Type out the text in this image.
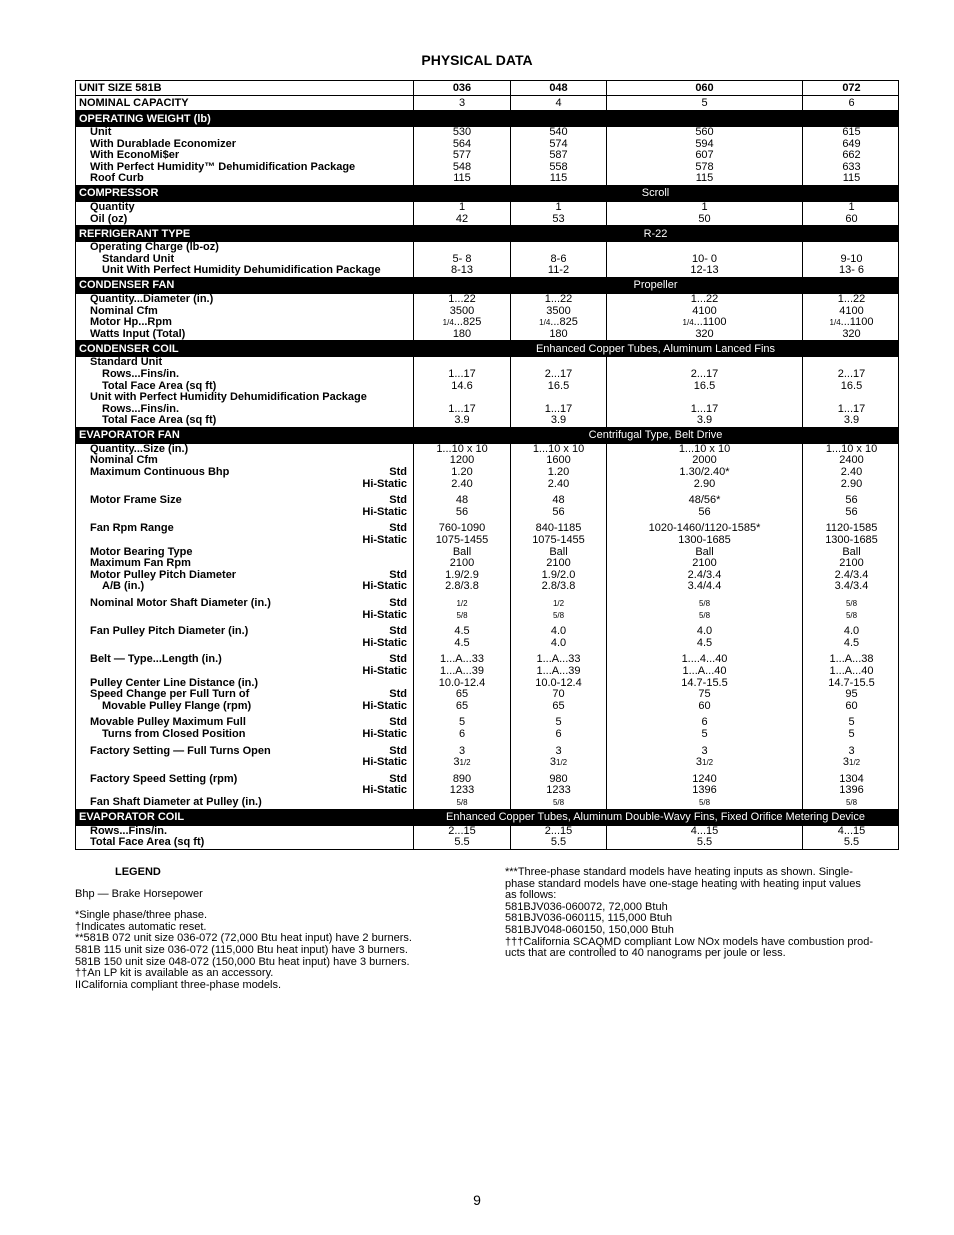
PHYSICAL DATA
UNIT SIZE 581B	036	048	060	072
NOMINAL CAPACITY	3	4	5	6
OPERATING WEIGHT (lb)
Unit	530	540	560	615
With Durablade Economizer	564	574	594	649
With EconoMi$er	577	587	607	662
With Perfect Humidity™ Dehumidification Package	548	558	578	633
Roof Curb	115	115	115	115
COMPRESSOR	Scroll
Quantity	1	1	1	1
Oil (oz)	42	53	50	60
REFRIGERANT TYPE	R-22
Operating Charge (lb-oz)
Standard Unit	5- 8	8-6	10- 0	9-10
Unit With Perfect Humidity Dehumidification Package	8-13	11-2	12-13	13- 6
CONDENSER FAN	Propeller
Quantity...Diameter (in.)	1...22	1...22	1...22	1...22
Nominal Cfm	3500	3500	4100	4100
Motor Hp...Rpm	1/4...825	1/4...825	1/4...1100	1/4...1100
Watts Input (Total)	180	180	320	320
CONDENSER COIL	Enhanced Copper Tubes, Aluminum Lanced Fins
Standard Unit
Rows...Fins/in.	1...17	2...17	2...17	2...17
Total Face Area (sq ft)	14.6	16.5	16.5	16.5
Unit with Perfect Humidity Dehumidification Package
Rows...Fins/in.	1...17	1...17	1...17	1...17
Total Face Area (sq ft)	3.9	3.9	3.9	3.9
EVAPORATOR FAN	Centrifugal Type, Belt Drive
Quantity...Size (in.)	1...10 x 10	1...10 x 10	1...10 x 10	1...10 x 10
Nominal Cfm	1200	1600	2000	2400
Maximum Continuous Bhp	Std	1.20	1.20	1.30/2.40*	2.40
Hi-Static	2.40	2.40	2.90	2.90
Motor Frame Size	Std	48	48	48/56*	56
Hi-Static	56	56	56	56
Fan Rpm Range	Std	760-1090	840-1185	1020-1460/1120-1585*	1120-1585
Hi-Static	1075-1455	1075-1455	1300-1685	1300-1685
Motor Bearing Type	Ball	Ball	Ball	Ball
Maximum Fan Rpm	2100	2100	2100	2100
Motor Pulley Pitch Diameter	Std	1.9/2.9	1.9/2.0	2.4/3.4	2.4/3.4
A/B (in.)	Hi-Static	2.8/3.8	2.8/3.8	3.4/4.4	3.4/3.4
Nominal Motor Shaft Diameter (in.)	Std	1/2	1/2	5/8	5/8
Hi-Static	5/8	5/8	5/8	5/8
Fan Pulley Pitch Diameter (in.)	Std	4.5	4.0	4.0	4.0
Hi-Static	4.5	4.0	4.5	4.5
Belt — Type...Length (in.)	Std	1...A...33	1...A...33	1....4...40	1...A...38
Hi-Static	1...A...39	1...A...39	1...A...40	1...A...40
Pulley Center Line Distance (in.)	10.0-12.4	10.0-12.4	14.7-15.5	14.7-15.5
Speed Change per Full Turn of	Std	65	70	75	95
Movable Pulley Flange (rpm)	Hi-Static	65	65	60	60
Movable Pulley Maximum Full	Std	5	5	6	5
Turns from Closed Position	Hi-Static	6	6	5	5
Factory Setting — Full Turns Open	Std	3	3	3	3
Hi-Static	31/2	31/2	31/2	31/2
Factory Speed Setting (rpm)	Std	890	980	1240	1304
Hi-Static	1233	1233	1396	1396
Fan Shaft Diameter at Pulley (in.)	5/8	5/8	5/8	5/8
EVAPORATOR COIL	Enhanced Copper Tubes, Aluminum Double-Wavy Fins, Fixed Orifice Metering Device
Rows...Fins/in.	2...15	2...15	4...15	4...15
Total Face Area (sq ft)	5.5	5.5	5.5	5.5
LEGEND
Bhp — Brake Horsepower
*Single phase/three phase.
†Indicates automatic reset.
**581B 072 unit size 036-072 (72,000 Btu heat input) have 2 burners.
581B 115 unit size 036-072 (115,000 Btu heat input) have 3 burners.
581B 150 unit size 048-072 (150,000 Btu heat input) have 3 burners.
††An LP kit is available as an accessory.
IICalifornia compliant three-phase models.
***Three-phase standard models have heating inputs as shown. Single-
phase standard models have one-stage heating with heating input values
as follows:
581BJV036-060072, 72,000 Btuh
581BJV036-060115, 115,000 Btuh
581BJV048-060150, 150,000 Btuh
†††California SCAQMD compliant Low NOx models have combustion prod-
ucts that are controlled to 40 nanograms per joule or less.
9
